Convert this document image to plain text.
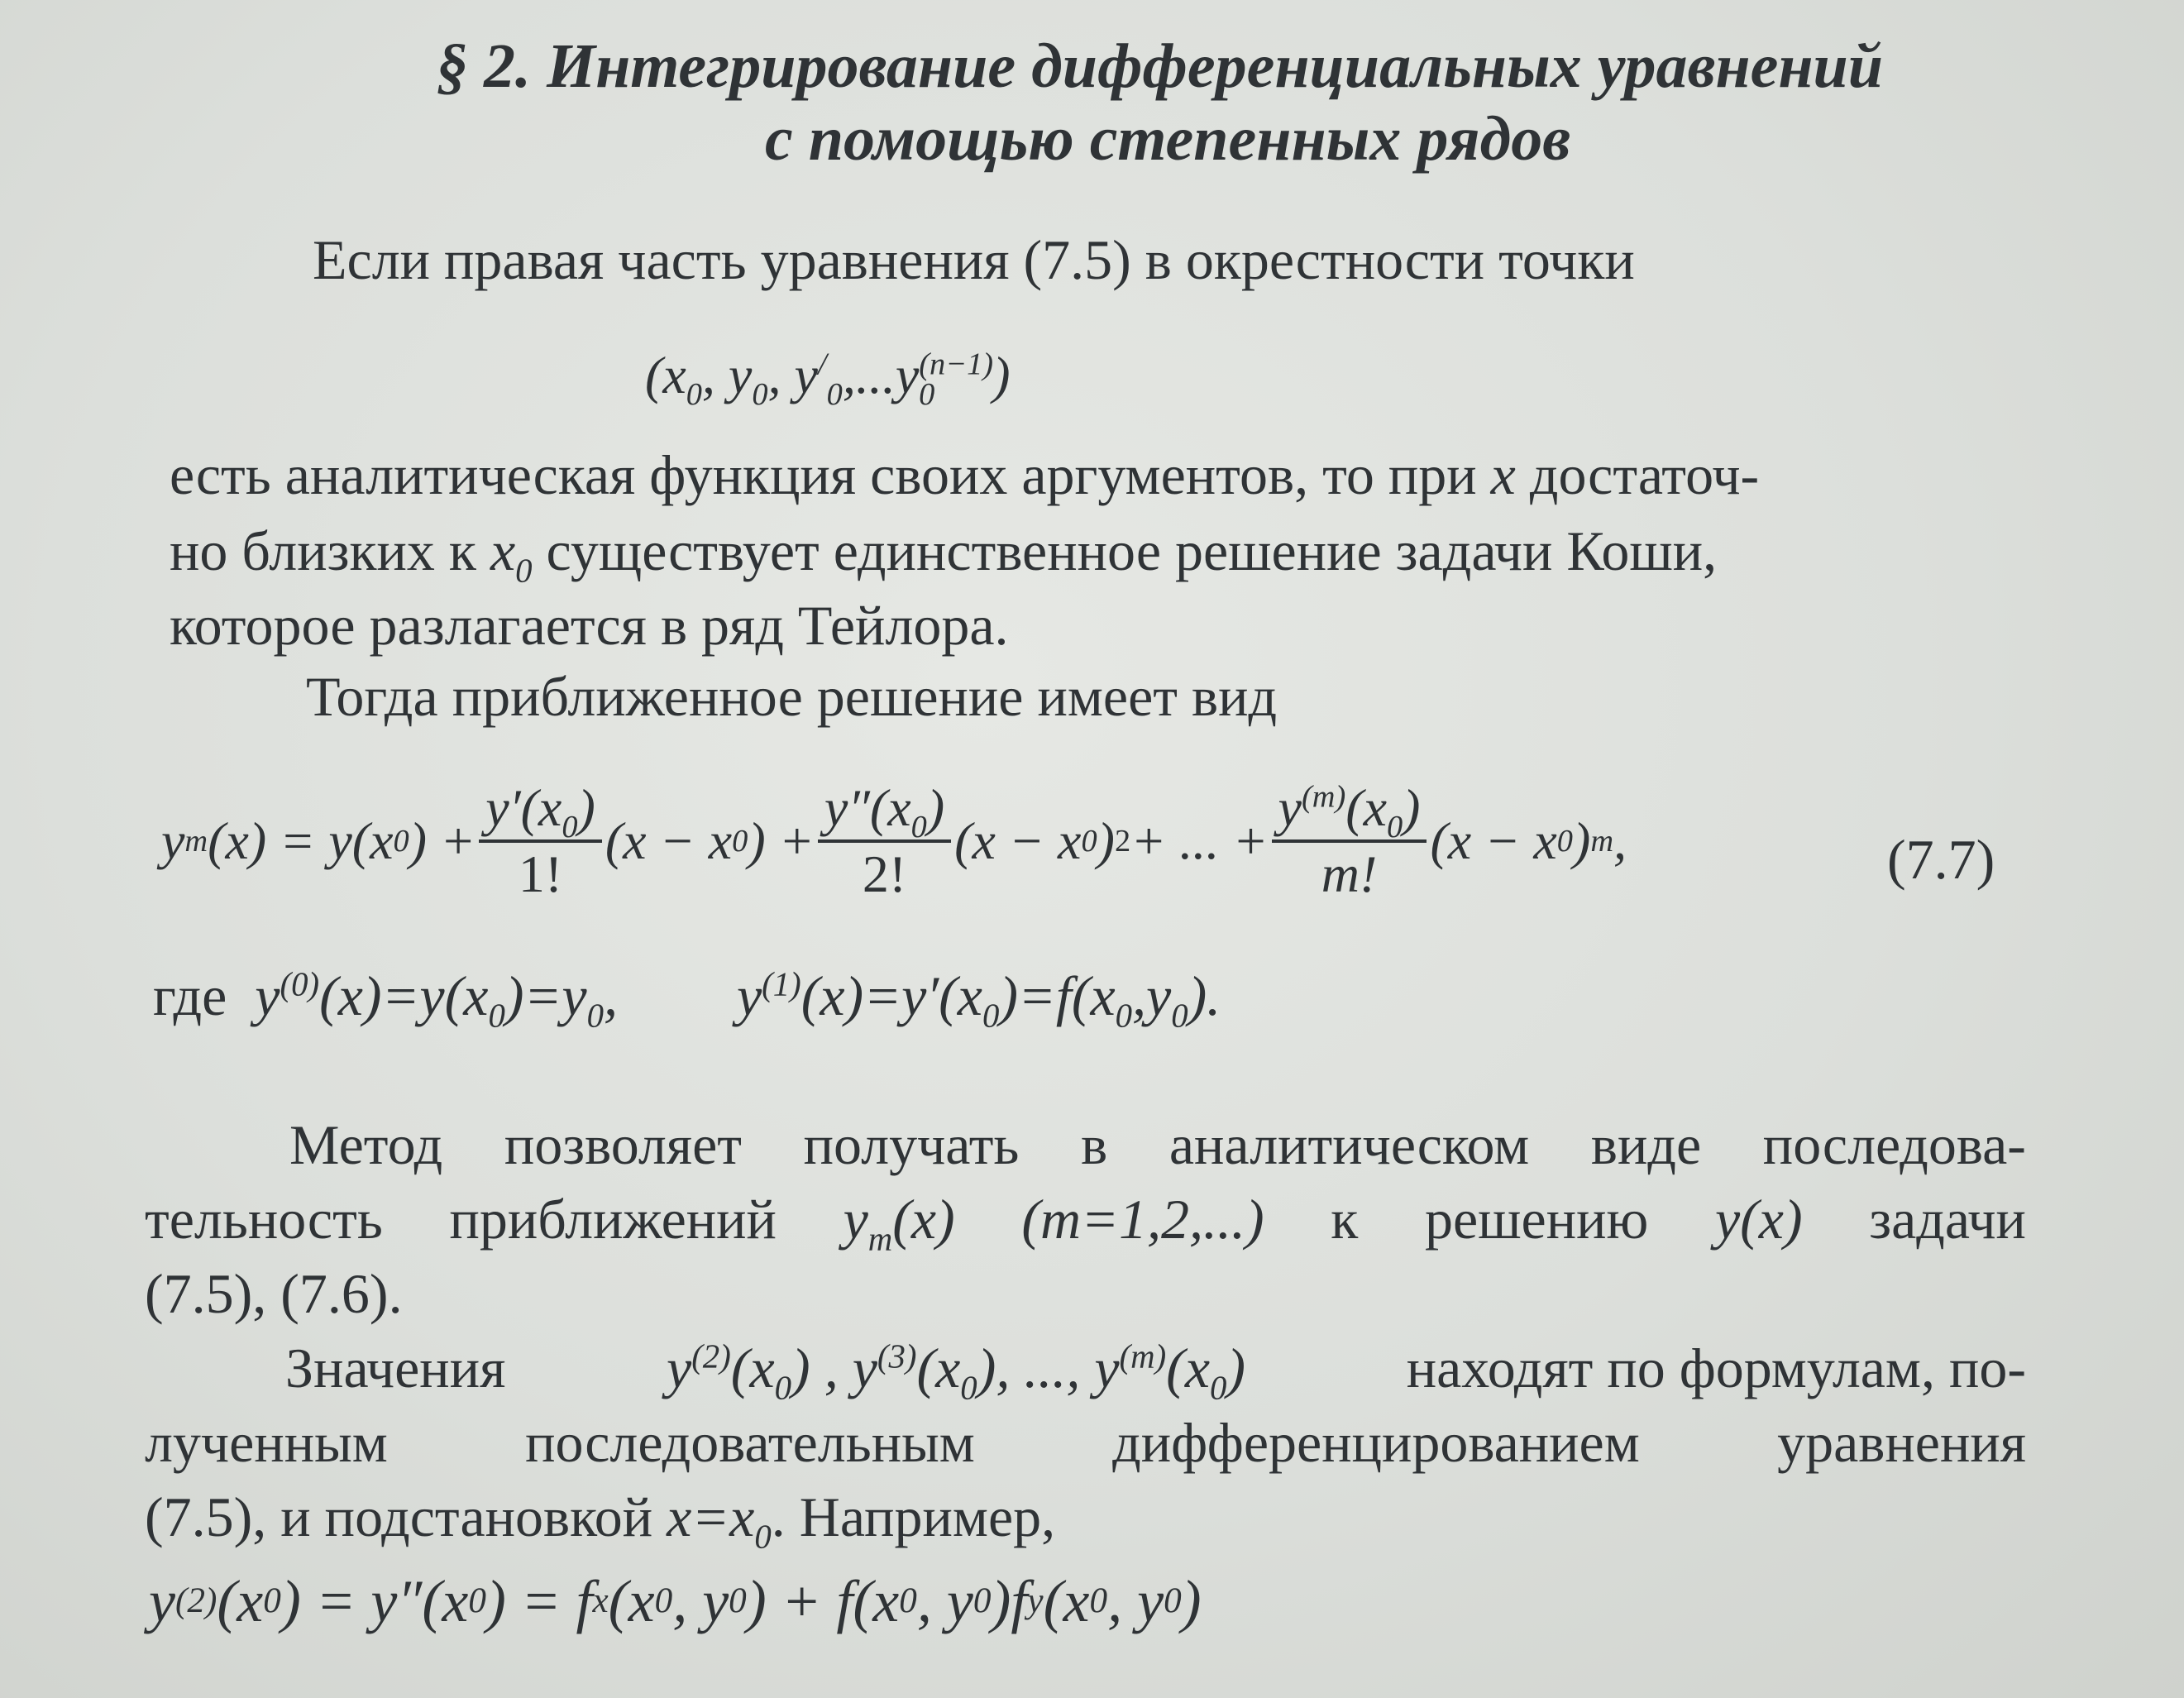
§ 2. Интегрирование дифференциальных уравнений
с помощью степенных рядов
Если правая часть уравнения (7.5) в окрестности точки
($x_0$, $y_0$, $y^/_0,...y^{(n-1)}_0$ )
есть аналитическая функция своих аргументов, то при x достаточ-
но близких к $x_0$ существует единственное решение задачи Коши,
которое разлагается в ряд Тейлора.
Тогда приближенное решение имеет вид
y m (x) = y(x 0 ) + $\frac{y'(x_0)}{1!} (x - x$ 0 ) + $\frac{y''(x_0)}{2!} (x - x$ 0 ) 2 + ... + $\frac{y^{(m)}(x_0)}{m!} (x - x$ 0 ) m ,	(7.7)
где $y^{(0)}(x)=y(x_0)=y_0$, $y^{(1)}(x)=y'(x_0)=f(x_0,y_0)$.
Метод позволяет получать в аналитическом виде последова-
тельность приближений $y_m(x)$ (m=1,2,...) к решению y(x) задачи
(7.5), (7.6).
Значения	$y^{(2)}(x_0)$ , $y^{(3)}(x_0)$, ..., $y^{(m)}(x_0)$	находят по формулам, по-
лученным последовательным дифференцированием уравнения
(7.5), и подстановкой $x=x_0$. Например,
y (2) (x 0 ) = y″(x 0 ) = f x (x 0 , y 0 ) + f(x 0 , y 0 )f y (x 0 , y 0 )
